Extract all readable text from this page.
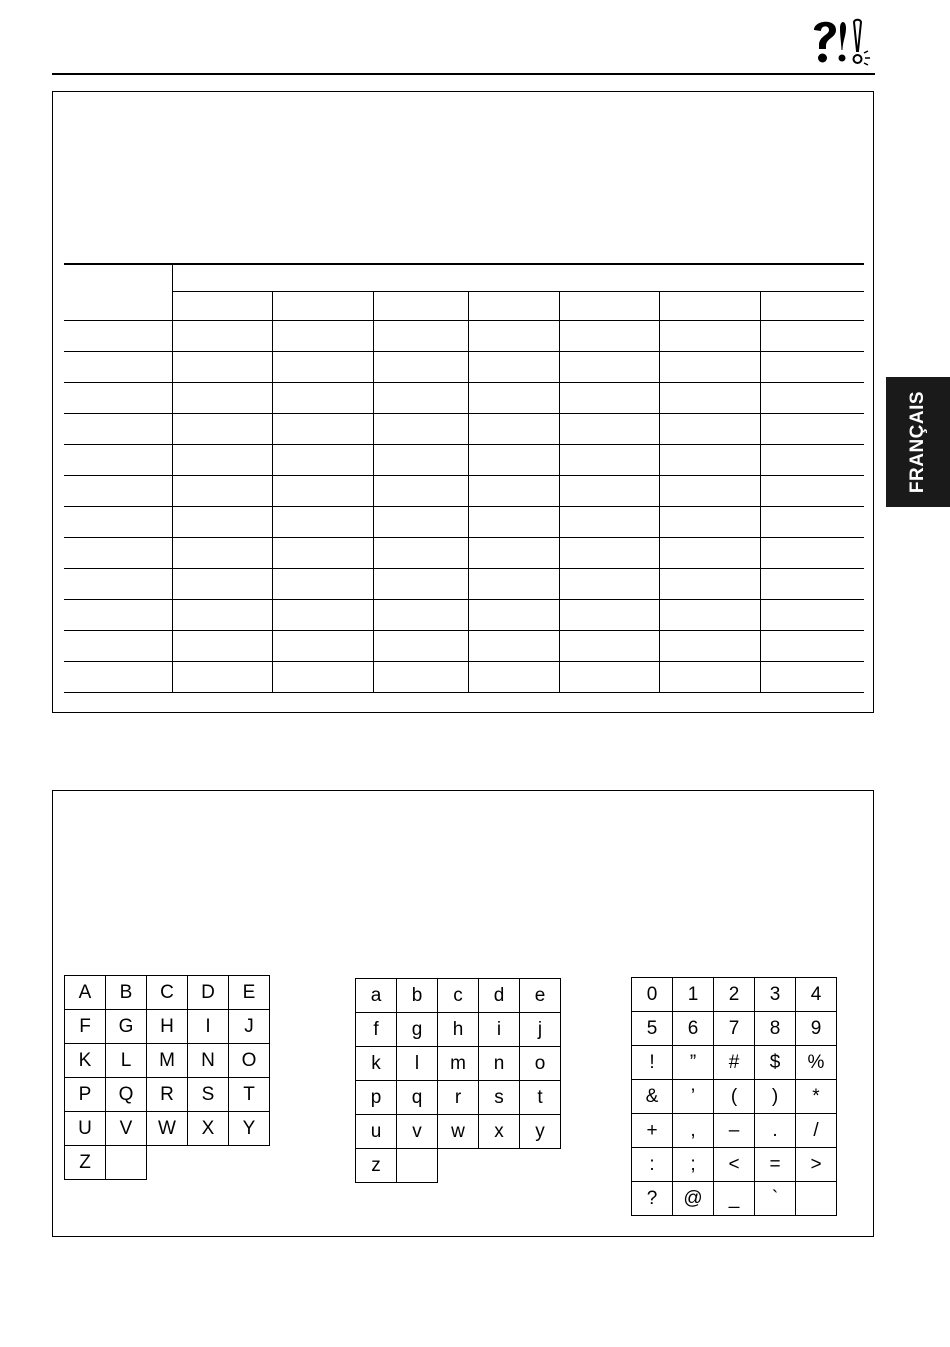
FRANÇAIS

A	B	C	D	E
F	G	H	I	J
K	L	M	N	O
P	Q	R	S	T
U	V	W	X	Y
Z				
a	b	c	d	e
f	g	h	i	j
k	l	m	n	o
p	q	r	s	t
u	v	w	x	y
z				
0	1	2	3	4
5	6	7	8	9
!	”	#	$	%
&	’	(	)	*
+	,	–	.	/
:	;	<	=	>
?	@	_	`	
